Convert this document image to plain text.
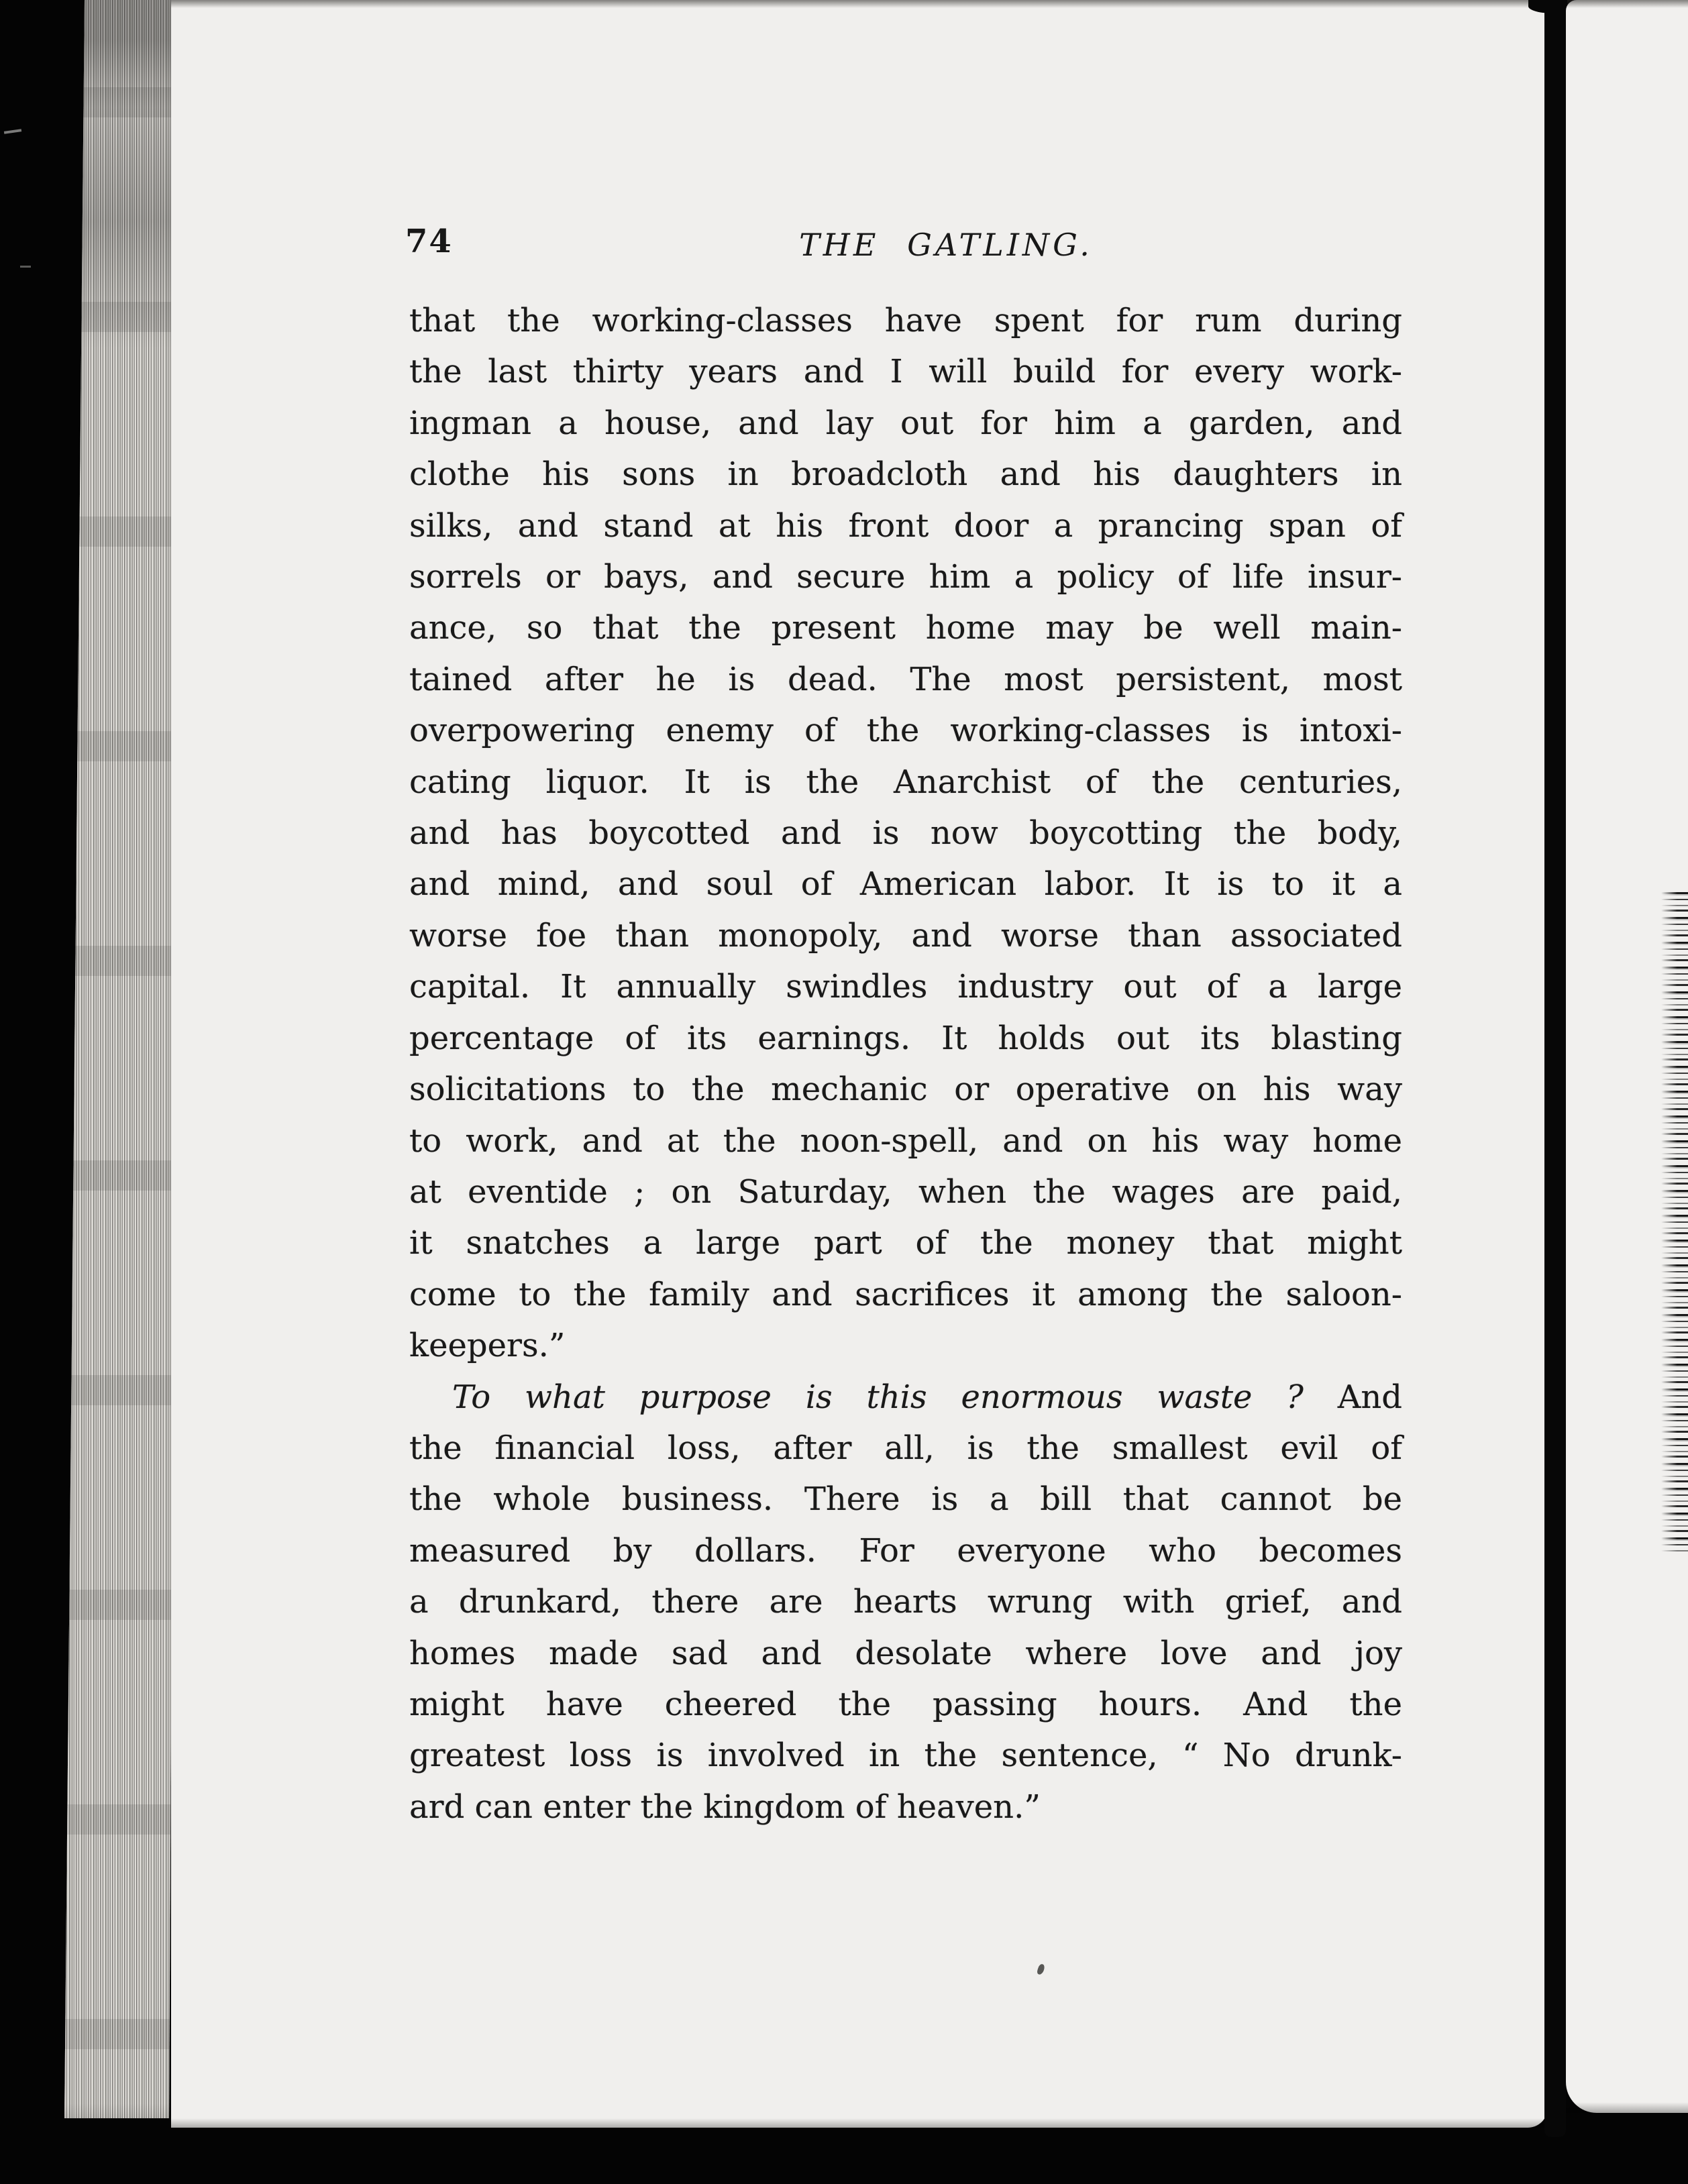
74	THE GATLING.
that the working-classes have spent for rum during
the last thirty years and I will build for every work-
ingman a house, and lay out for him a garden, and
clothe his sons in broadcloth and his daughters in
silks, and stand at his front door a prancing span of
sorrels or bays, and secure him a policy of life insur-
ance, so that the present home may be well main-
tained after he is dead. The most persistent, most
overpowering enemy of the working-classes is intoxi-
cating liquor. It is the Anarchist of the centuries,
and has boycotted and is now boycotting the body,
and mind, and soul of American labor. It is to it a
worse foe than monopoly, and worse than associated
capital. It annually swindles industry out of a large
percentage of its earnings. It holds out its blasting
solicitations to the mechanic or operative on his way
to work, and at the noon-spell, and on his way home
at eventide ; on Saturday, when the wages are paid,
it snatches a large part of the money that might
come to the family and sacrifices it among the saloon-
keepers.”
To what purpose is this enormous waste ? And
the financial loss, after all, is the smallest evil of
the whole business. There is a bill that cannot be
measured by dollars. For everyone who becomes
a drunkard, there are hearts wrung with grief, and
homes made sad and desolate where love and joy
might have cheered the passing hours. And the
greatest loss is involved in the sentence, “ No drunk-
ard can enter the kingdom of heaven.”
